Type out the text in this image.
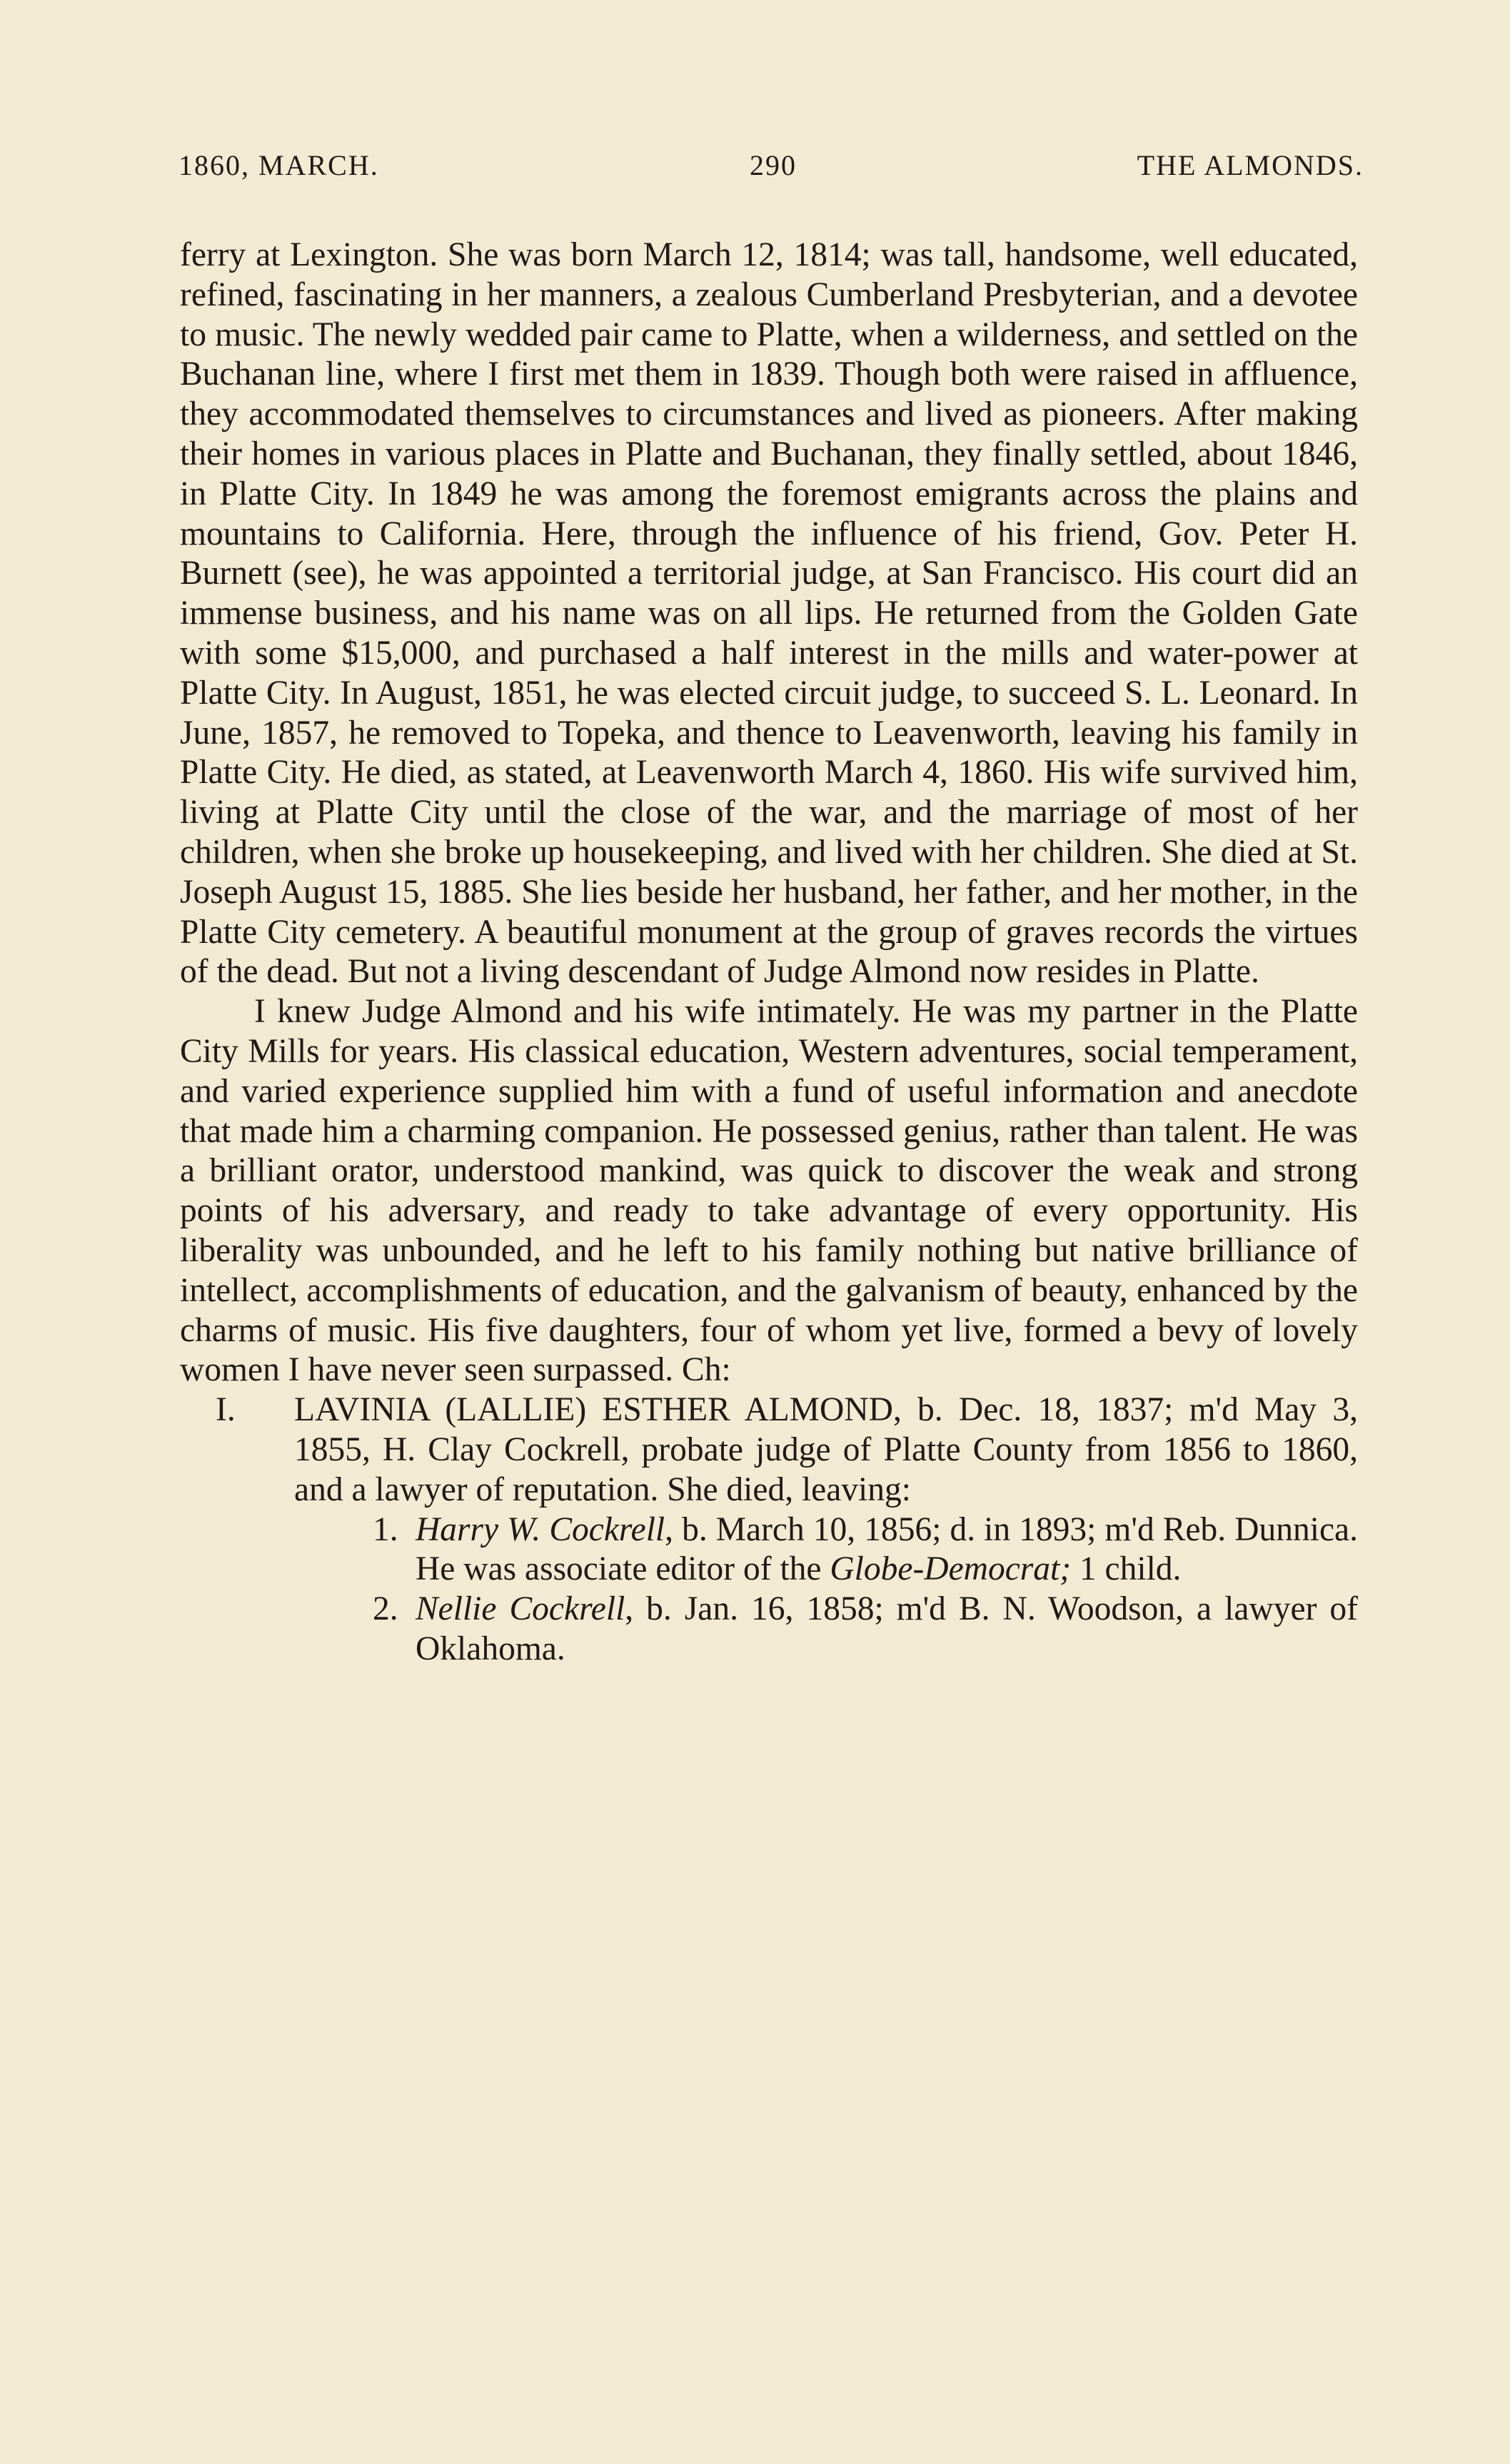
1860, MARCH.	290	THE ALMONDS.

ferry at Lexington. She was born March 12, 1814; was tall, handsome, well educated, refined, fascinating in her manners, a zealous Cumberland Presbyterian, and a devotee to music. The newly wedded pair came to Platte, when a wilderness, and settled on the Buchanan line, where I first met them in 1839. Though both were raised in affluence, they accommodated themselves to circumstances and lived as pioneers. After making their homes in various places in Platte and Buchanan, they finally settled, about 1846, in Platte City. In 1849 he was among the foremost emigrants across the plains and mountains to California. Here, through the influence of his friend, Gov. Peter H. Burnett (see), he was appointed a territorial judge, at San Francisco. His court did an immense business, and his name was on all lips. He returned from the Golden Gate with some $15,000, and purchased a half interest in the mills and water-power at Platte City. In August, 1851, he was elected circuit judge, to succeed S. L. Leonard. In June, 1857, he removed to Topeka, and thence to Leavenworth, leaving his family in Platte City. He died, as stated, at Leavenworth March 4, 1860. His wife survived him, living at Platte City until the close of the war, and the marriage of most of her children, when she broke up housekeeping, and lived with her children. She died at St. Joseph August 15, 1885. She lies beside her husband, her father, and her mother, in the Platte City cemetery. A beautiful monument at the group of graves records the virtues of the dead. But not a living descendant of Judge Almond now resides in Platte.

I knew Judge Almond and his wife intimately. He was my partner in the Platte City Mills for years. His classical education, Western adventures, social temperament, and varied experience supplied him with a fund of useful information and anecdote that made him a charming companion. He possessed genius, rather than talent. He was a brilliant orator, understood mankind, was quick to discover the weak and strong points of his adversary, and ready to take advantage of every opportunity. His liberality was unbounded, and he left to his family nothing but native brilliance of intellect, accomplishments of education, and the galvanism of beauty, enhanced by the charms of music. His five daughters, four of whom yet live, formed a bevy of lovely women I have never seen surpassed. Ch:

I. LAVINIA (LALLIE) ESTHER ALMOND, b. Dec. 18, 1837; m'd May 3, 1855, H. Clay Cockrell, probate judge of Platte County from 1856 to 1860, and a lawyer of reputation. She died, leaving:

1. Harry W. Cockrell, b. March 10, 1856; d. in 1893; m'd Reb. Dunnica. He was associate editor of the Globe-Democrat; 1 child.

2. Nellie Cockrell, b. Jan. 16, 1858; m'd B. N. Woodson, a lawyer of Oklahoma.
